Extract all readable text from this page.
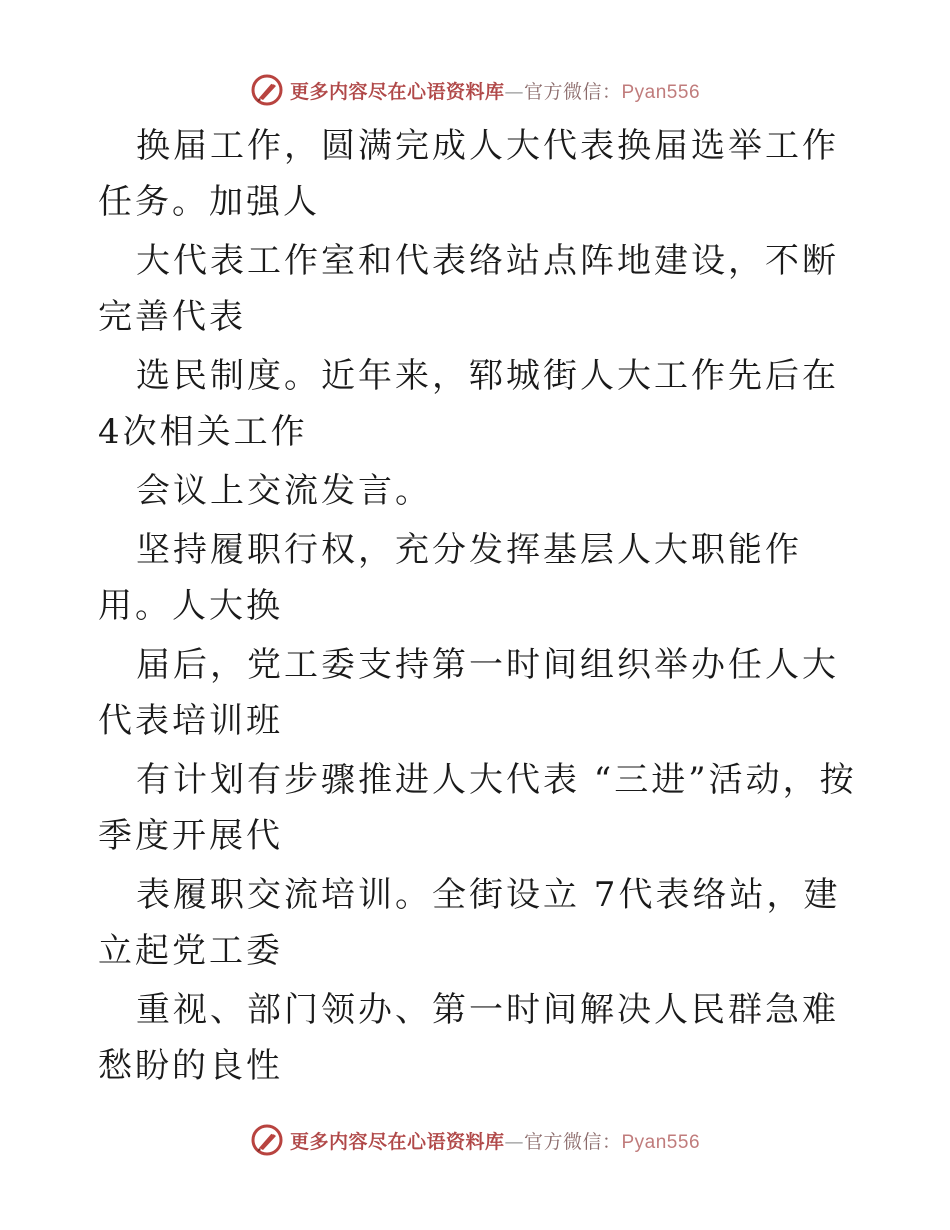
更多内容尽在心语资料库—官方微信：Pyan556

换届工作，圆满完成人大代表换届选举工作任务。加强人

大代表工作室和代表络站点阵地建设，不断完善代表

选民制度。近年来，郓城街人大工作先后在 4次相关工作

会议上交流发言。

坚持履职行权，充分发挥基层人大职能作用。人大换

届后，党工委支持第一时间组织举办任人大代表培训班

有计划有步骤推进人大代表 “三进”活动，按季度开展代

表履职交流培训。全街设立 7代表络站，建立起党工委

重视、部门领办、第一时间解决人民群急难愁盼的良性

更多内容尽在心语资料库—官方微信：Pyan556
